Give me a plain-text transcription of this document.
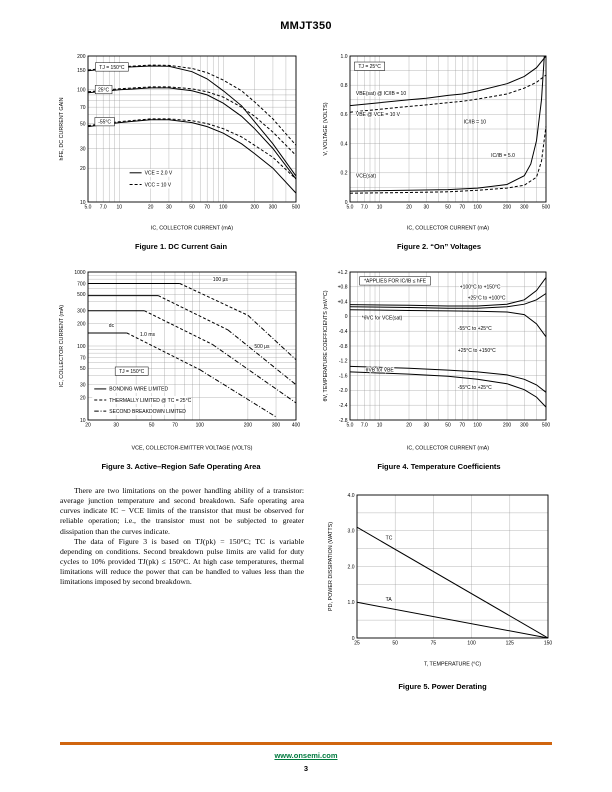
MMJT350
5.0 7.0 10	20	30	50 70 100	200 300	500
10
20
30
50
70
100
150
200
IC, COLLECTOR CURRENT (mA)
hFE, DC CURRENT GAIN
VCE = 2.0 V
VCC = 10 V
TJ = 150°C
25°C
-55°C
Figure 1. DC Current Gain
5.0 7.0 10	20 30	50 70 100	200 300	500
0
0.2
0.4
0.6
0.8
1.0
IC, COLLECTOR CURRENT (mA)
V, VOLTAGE (VOLTS)
TJ = 25°C
VBE(sat) @ IC/IB = 10
VBE @ VCE = 10 V
IC/IB = 10
VCE(sat)
IC/IB = 5.0
Figure 2. “On” Voltages
20	30	50	70	100	200	300 400
10
20
30
50
70
100
200
300
500
700
1000
VCE, COLLECTOR-EMITTER VOLTAGE (VOLTS)
IC, COLLECTOR CURRENT (mA)
BONDING WIRE LIMITED
THERMALLY LIMITED @ TC = 25°C
SECOND BREAKDOWN LIMITED
100 μs
dc
1.0 ms
500 μs
TJ = 150°C
Figure 3. Active–Region Safe Operating Area
5.0 7.0 10	20 30	50 70 100	200 300	500
+1.2
+0.8
+0.4
0
-0.4
-0.8
-1.2
-1.6
-2.0
-2.4
-2.8
IC, COLLECTOR CURRENT (mA)
θV, TEMPERATURE COEFFICIENTS (mV/°C)
*APPLIES FOR IC/IB ≤ hFE
+100°C to +150°C
+25°C to +100°C
*θVC for VCE(sat)
-55°C to +25°C
+25°C to +150°C
θVB for VBE
-55°C to +25°C
Figure 4. Temperature Coefficients

There are two limitations on the power handling ability of a transistor: average junction temperature and second breakdown. Safe operating area curves indicate IC − VCE limits of the transistor that must be observed for reliable operation; i.e., the transistor must not be subjected to greater dissipation than the curves indicate.

The data of Figure 3 is based on TJ(pk) = 150°C; TC is variable depending on conditions. Second breakdown pulse limits are valid for duty cycles to 10% provided TJ(pk) ≤ 150°C. At high case temperatures, thermal limitations will reduce the power that can be handled to values less than the limitations imposed by second breakdown.

25	50	75	100	125	150
0
1.0
2.0
3.0
4.0
T, TEMPERATURE (°C)
PD, POWER DISSIPATION (WATTS)	TC
TA
Figure 5. Power Derating
www.onsemi.com
3
